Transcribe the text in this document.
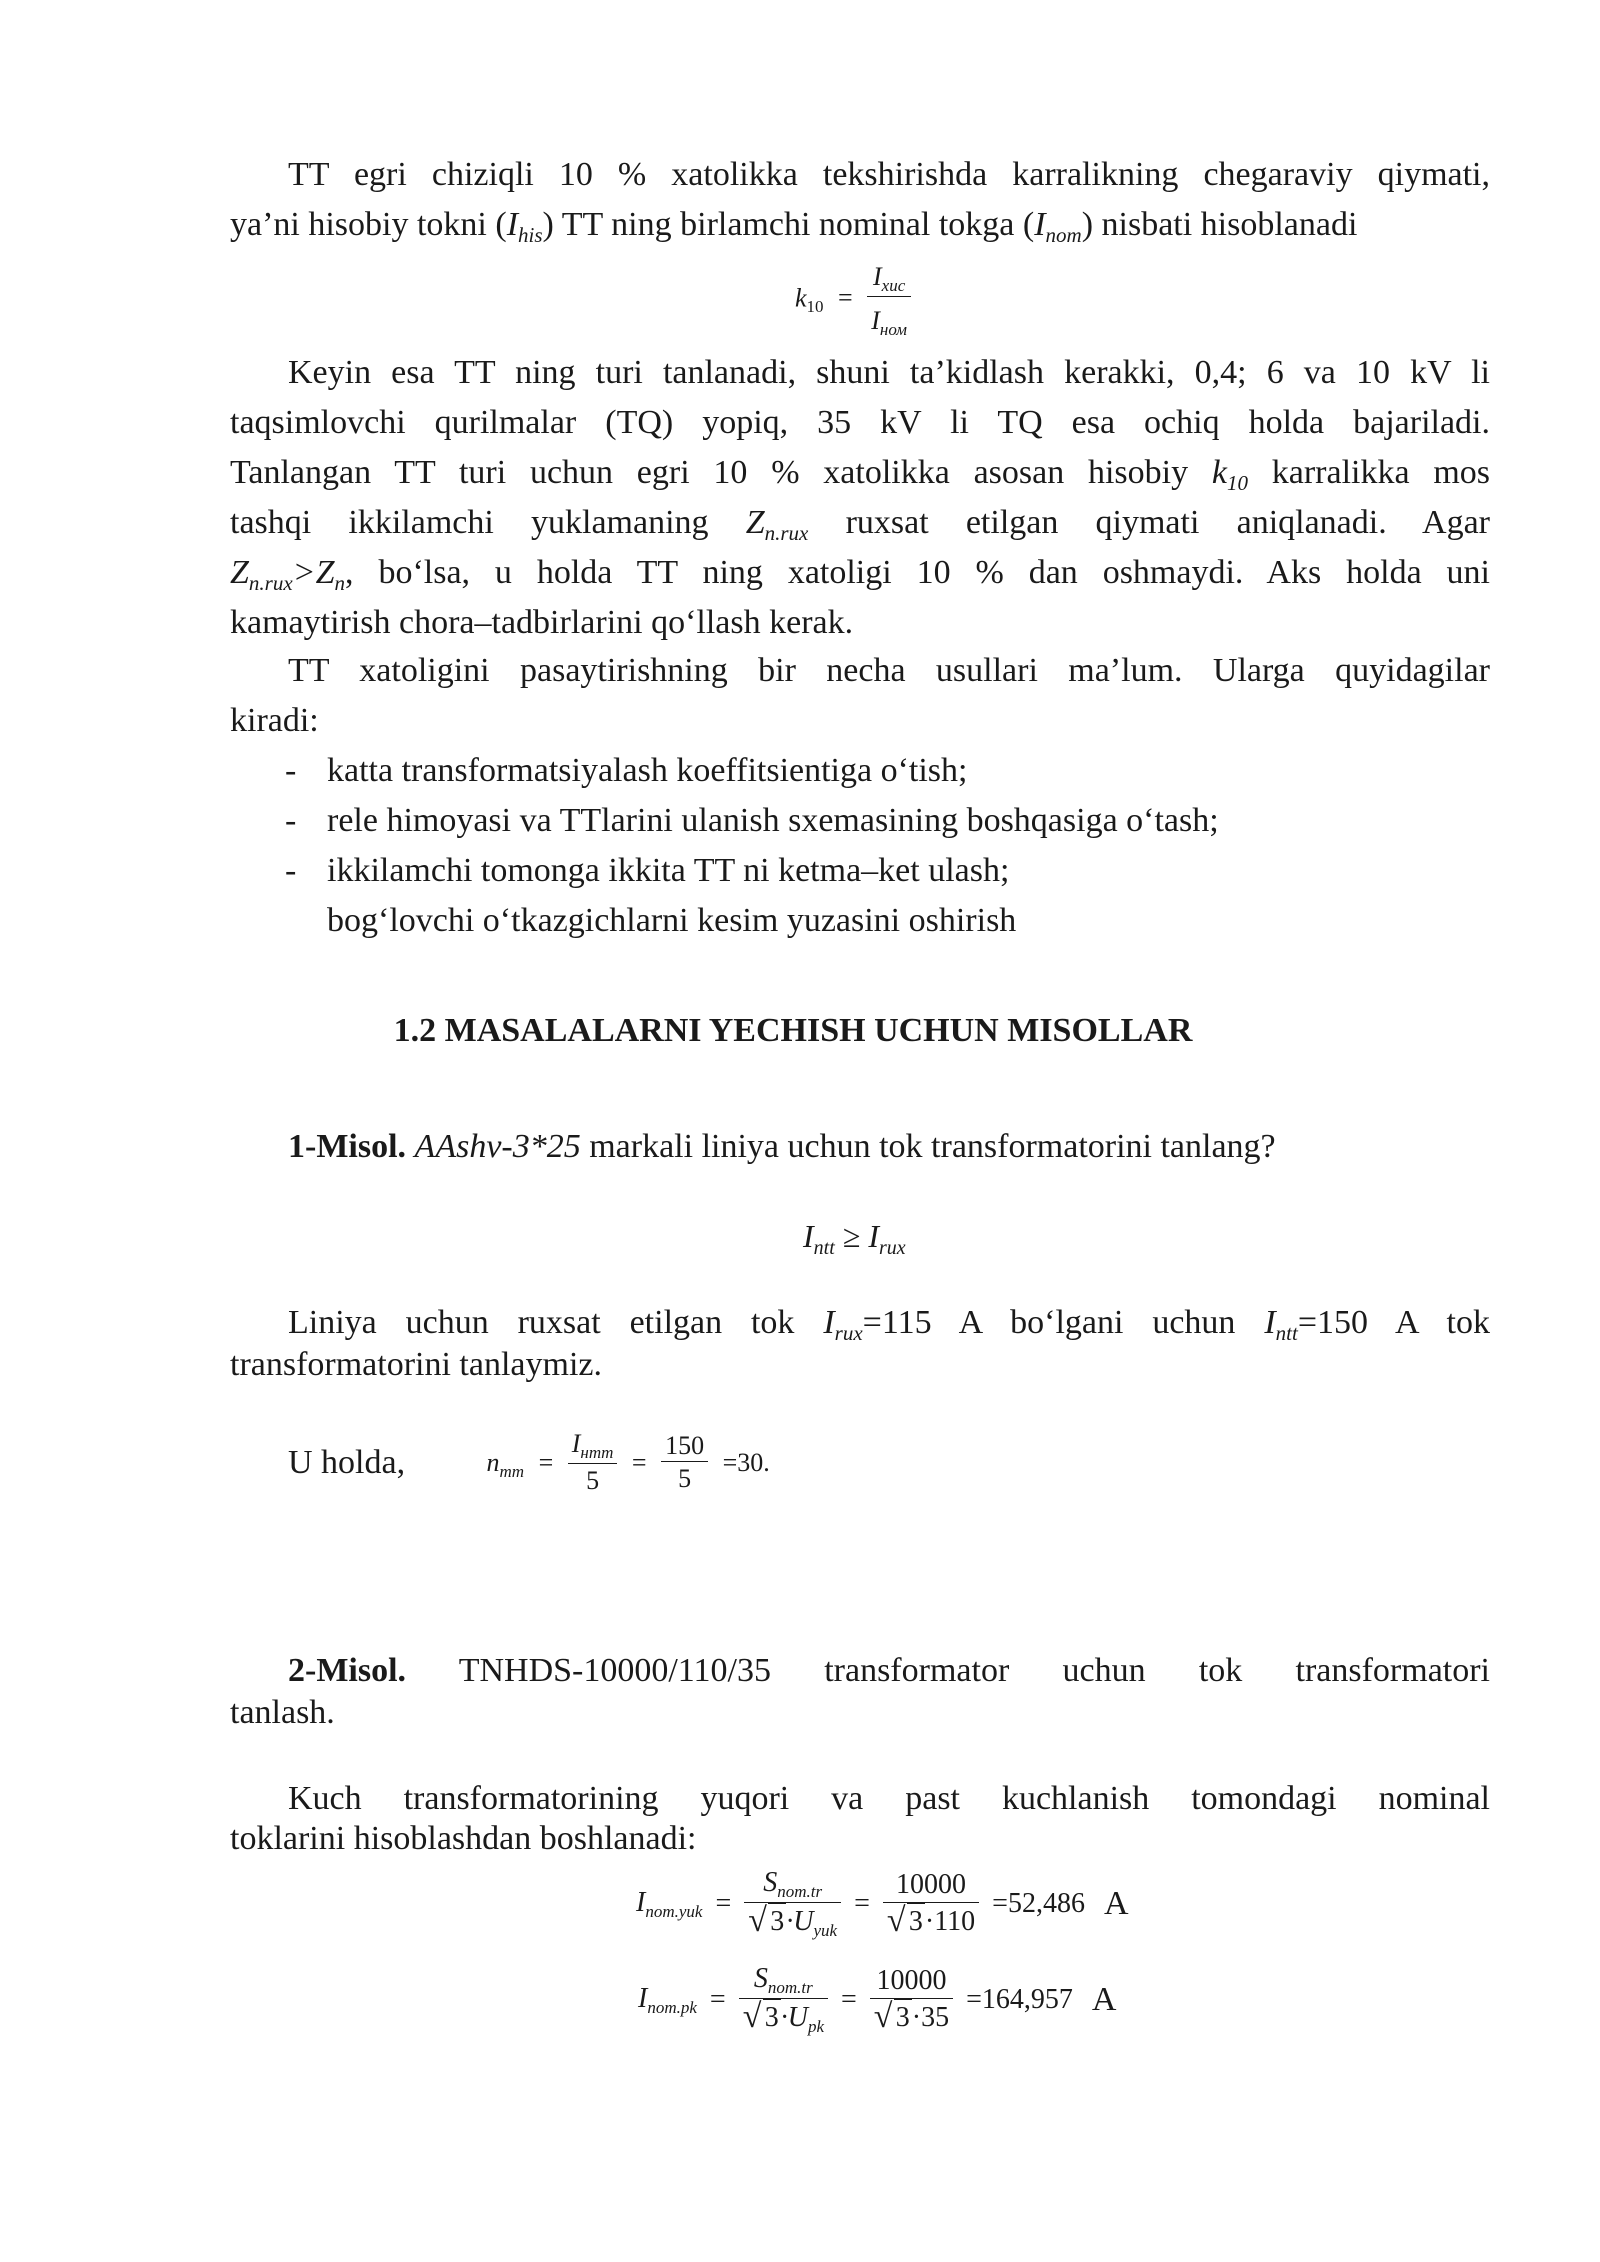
TT egri chiziqli 10 % xatolikka tekshirishda karralikning chegaraviy qiymati,
ya’ni hisobiy tokni $(I_{his})$ TT ning birlamchi nominal tokga $(I_{nom})$ nisbati hisoblanadi
$k10 = \frac{\text{Iхис}}{\text{Iном}}$
Keyin esa TT ning turi tanlanadi, shuni ta’kidlash kerakki, 0,4; 6 va 10 kV li
taqsimlovchi qurilmalar (TQ) yopiq, 35 kV li TQ esa ochiq holda bajariladi.
Tanlangan TT turi uchun egri 10 % xatolikka asosan hisobiy $k_{10}$ karralikka mos
tashqi ikkilamchi yuklamaning $Z_{n.rux}$ ruxsat etilgan qiymati aniqlanadi. Agar
$Z_{n.rux}>Z_n$, bo‘lsa, u holda TT ning xatoligi 10 % dan oshmaydi. Aks holda uni
kamaytirish chora–tadbirlarini qo‘llash kerak.
TT xatoligini pasaytirishning bir necha usullari ma’lum. Ularga quyidagilar
kiradi:
- katta transformatsiyalash koeffitsientiga o‘tish;
- rele himoyasi va TTlarini ulanish sxemasining boshqasiga o‘tash;
- ikkilamchi tomonga ikkita TT ni ketma–ket ulash;
bog‘lovchi o‘tkazgichlarni kesim yuzasini oshirish
1.2 MASALALARNI YECHISH UCHUN MISOLLAR
1-Misol. AAshv-3*25 markali liniya uchun tok transformatorini tanlang?
$I_{ntt} \ge I_{rux}$
Liniya uchun ruxsat etilgan tok $I_{rux}=115$ A bo‘lgani uchun $I_{ntt}=150$ A tok
transformatorini tanlaymiz.
U holda,	nтт = $\frac{I_{нтт}}{5} = \frac{150}{5} =30$.
2-Misol. TNHDS-10000/110/35 transformator uchun tok transformatori
tanlash.
Kuch transformatorining yuqori va past kuchlanish tomondagi nominal
toklarini hisoblashdan boshlanadi:
$I_{nom.yuk} = S_{nom.tr}$
√ $3\cdot U_{yuk} = 10000$
√ 3·110 =52,486 A
$I_{nom.pk} = S_{nom.tr}$
√ $3\cdot U_{pk} = 10000$
√ 3·35 =164,957 A
